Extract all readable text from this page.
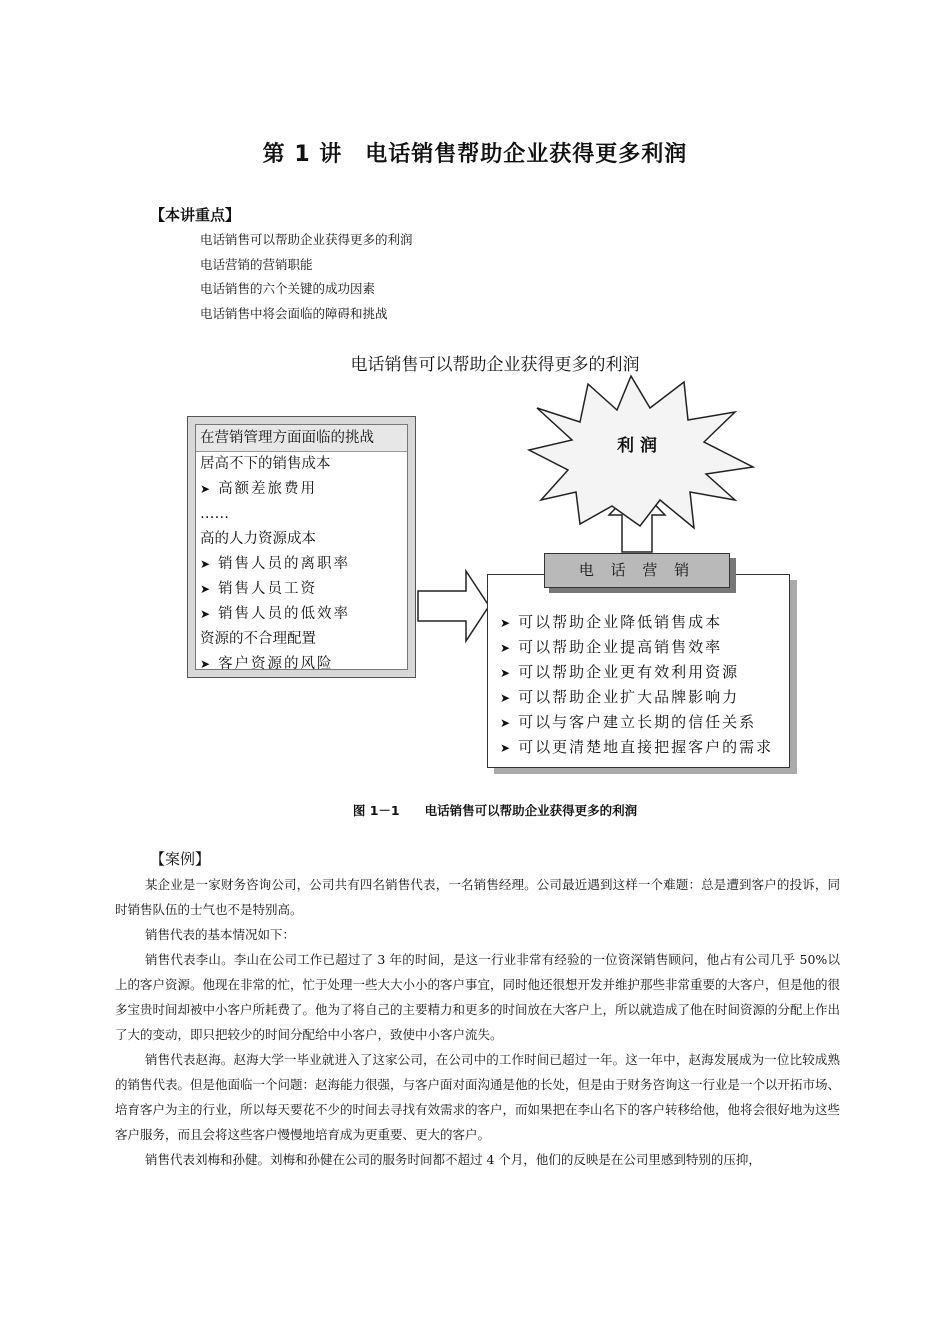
第 1 讲　电话销售帮助企业获得更多利润
【本讲重点】
电话销售可以帮助企业获得更多的利润
电话营销的营销职能
电话销售的六个关键的成功因素
电话销售中将会面临的障碍和挑战
电话销售可以帮助企业获得更多的利润
在营销管理方面面临的挑战
居高不下的销售成本
➤ 高额差旅费用
……
高的人力资源成本
➤ 销售人员的离职率
➤ 销售人员工资
➤ 销售人员的低效率
资源的不合理配置
➤ 客户资源的风险
利 润
电 话 营 销
➤ 可以帮助企业降低销售成本
➤ 可以帮助企业提高销售效率
➤ 可以帮助企业更有效利用资源
➤ 可以帮助企业扩大品牌影响力
➤ 可以与客户建立长期的信任关系
➤ 可以更清楚地直接把握客户的需求
图 1－1　　电话销售可以帮助企业获得更多的利润
【案例】

某企业是一家财务咨询公司，公司共有四名销售代表，一名销售经理。公司最近遇到这样一个难题：总是遭到客户的投诉，同时销售队伍的士气也不是特别高。

销售代表的基本情况如下：

销售代表李山。李山在公司工作已超过了 3 年的时间，是这一行业非常有经验的一位资深销售顾问，他占有公司几乎 50%以上的客户资源。他现在非常的忙，忙于处理一些大大小小的客户事宜，同时他还很想开发并维护那些非常重要的大客户，但是他的很多宝贵时间却被中小客户所耗费了。他为了将自己的主要精力和更多的时间放在大客户上，所以就造成了他在时间资源的分配上作出了大的变动，即只把较少的时间分配给中小客户，致使中小客户流失。

销售代表赵海。赵海大学一毕业就进入了这家公司，在公司中的工作时间已超过一年。这一年中，赵海发展成为一位比较成熟的销售代表。但是他面临一个问题：赵海能力很强，与客户面对面沟通是他的长处，但是由于财务咨询这一行业是一个以开拓市场、培育客户为主的行业，所以每天要花不少的时间去寻找有效需求的客户，而如果把在李山名下的客户转移给他，他将会很好地为这些客户服务，而且会将这些客户慢慢地培育成为更重要、更大的客户。

销售代表刘梅和孙健。刘梅和孙健在公司的服务时间都不超过 4 个月，他们的反映是在公司里感到特别的压抑，
